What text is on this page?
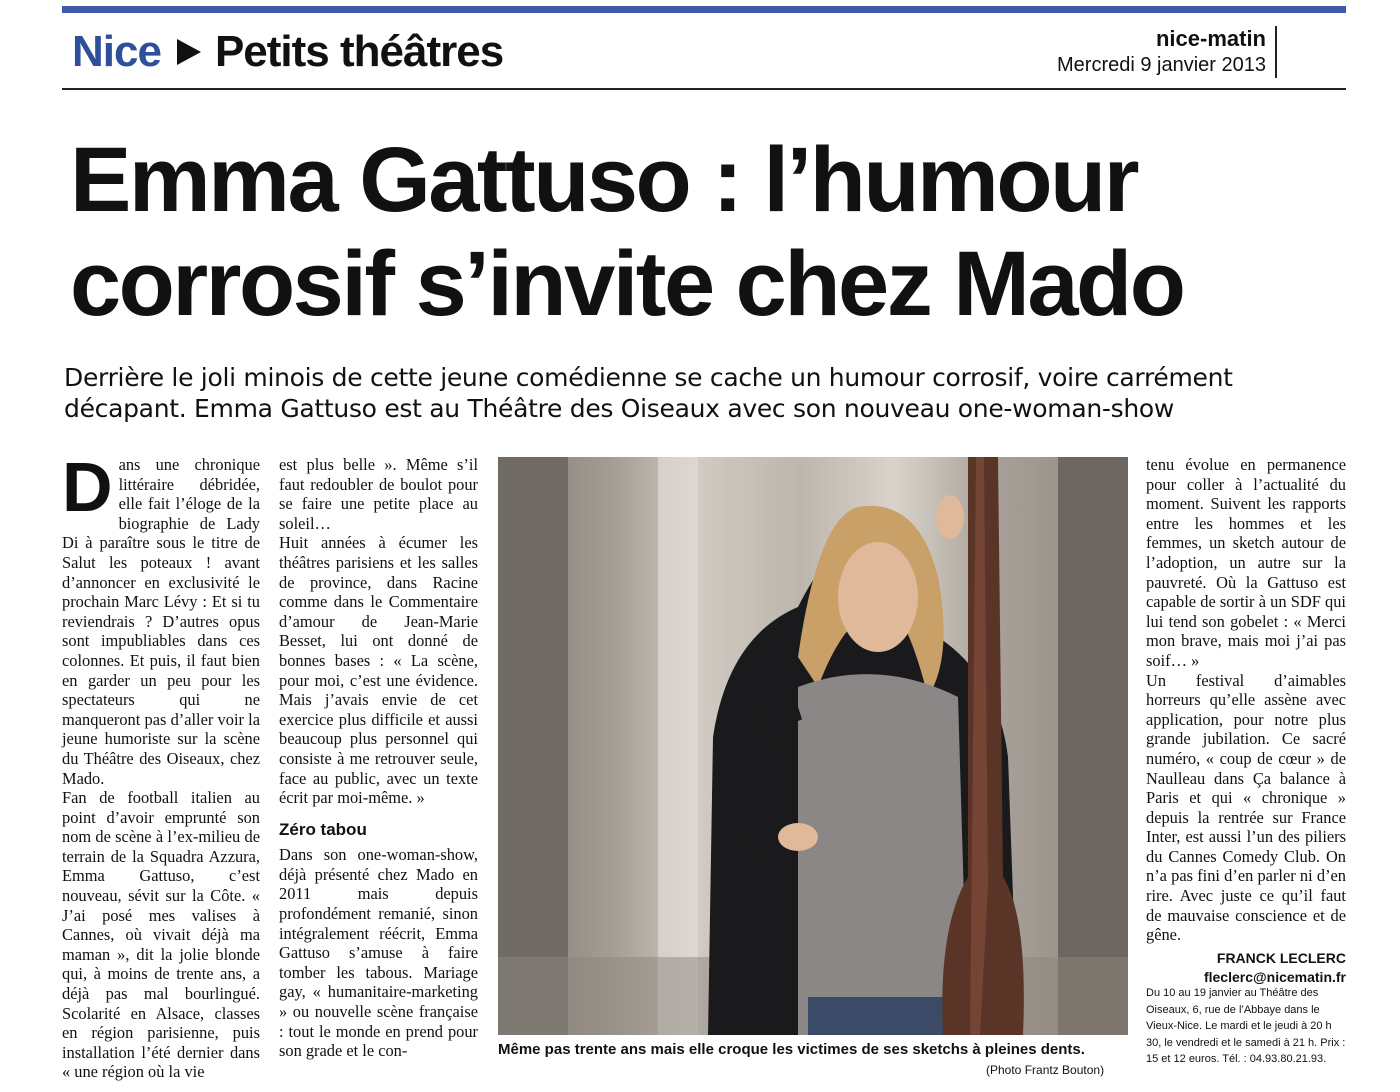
Nice Petits théâtres	nice-matin
Mercredi 9 janvier 2013
Emma Gattuso : l’humour
corrosif s’invite chez Mado

Derrière le joli minois de cette jeune comédienne se cache un humour corrosif, voire carrément décapant. Emma Gattuso est au Théâtre des Oiseaux avec son nouveau one-woman-show

Dans une chronique littéraire débridée, elle fait l’éloge de la biographie de Lady Di à paraître sous le titre de Salut les poteaux ! avant d’annoncer en exclusivité le prochain Marc Lévy : Et si tu reviendrais ? D’autres opus sont impubliables dans ces colonnes. Et puis, il faut bien en garder un peu pour les spectateurs qui ne manqueront pas d’aller voir la jeune humoriste sur la scène du Théâtre des Oiseaux, chez Mado.

Fan de football italien au point d’avoir emprunté son nom de scène à l’ex-milieu de terrain de la Squadra Azzura, Emma Gattuso, c’est nouveau, sévit sur la Côte. « J’ai posé mes valises à Cannes, où vivait déjà ma maman », dit la jolie blonde qui, à moins de trente ans, a déjà pas mal bourlingué. Scolarité en Alsace, classes en région parisienne, puis installation l’été dernier dans « une région où la vie

est plus belle ». Même s’il faut redoubler de boulot pour se faire une petite place au soleil…

Huit années à écumer les théâtres parisiens et les salles de province, dans Racine comme dans le Commentaire d’amour de Jean-Marie Besset, lui ont donné de bonnes bases : « La scène, pour moi, c’est une évidence. Mais j’avais envie de cet exercice plus difficile et aussi beaucoup plus personnel qui consiste à me retrouver seule, face au public, avec un texte écrit par moi-même. »

Zéro tabou

Dans son one-woman-show, déjà présenté chez Mado en 2011 mais depuis profondément remanié, sinon intégralement réécrit, Emma Gattuso s’amuse à faire tomber les tabous. Mariage gay, « humanitaire-marketing » ou nouvelle scène française : tout le monde en prend pour son grade et le con-	Même pas trente ans mais elle croque les victimes de ses sketchs à pleines dents.

(Photo Frantz Bouton)

tenu évolue en permanence pour coller à l’actualité du moment. Suivent les rapports entre les hommes et les femmes, un sketch autour de l’adoption, un autre sur la pauvreté. Où la Gattuso est capable de sortir à un SDF qui lui tend son gobelet : « Merci mon brave, mais moi j’ai pas soif… »

Un festival d’aimables horreurs qu’elle assène avec application, pour notre plus grande jubilation. Ce sacré numéro, « coup de cœur » de Naulleau dans Ça balance à Paris et qui « chronique » depuis la rentrée sur France Inter, est aussi l’un des piliers du Cannes Comedy Club. On n’a pas fini d’en parler ni d’en rire. Avec juste ce qu’il faut de mauvaise conscience et de gêne.

FRANCK LECLERC

fleclerc@nicematin.fr

Du 10 au 19 janvier au Théâtre des Oiseaux, 6, rue de l’Abbaye dans le Vieux-Nice. Le mardi et le jeudi à 20 h 30, le vendredi et le samedi à 21 h. Prix : 15 et 12 euros. Tél. : 04.93.80.21.93.
